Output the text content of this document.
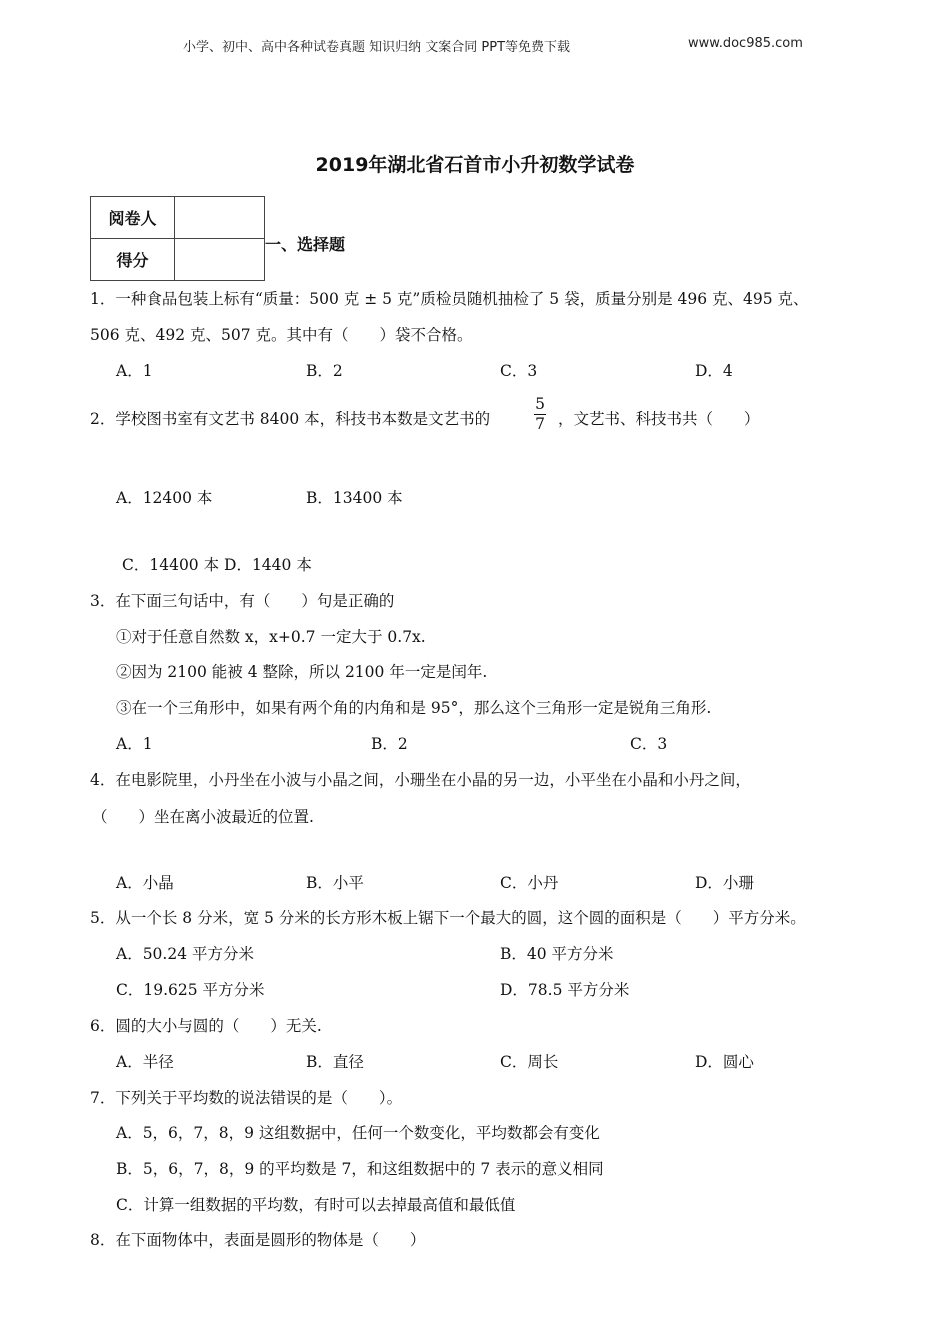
小学、初中、高中各种试卷真题 知识归纳 文案合同 PPT等免费下载	www.doc985.com
2019年湖北省石首市小升初数学试卷
阅卷人	
得分	
一、选择题
1．一种食品包装上标有“质量：500 克 ± 5 克”质检员随机抽检了 5 袋，质量分别是 496 克、495 克、
506 克、492 克、507 克。其中有（　　）袋不合格。
A．1	B．2	C．3	D．4
2．学校图书室有文艺书 8400 本，科技书本数是文艺书的
5
7 ，文艺书、科技书共（　　）
A．12400 本	B．13400 本
C．14400 本 D．1440 本
3．在下面三句话中，有（　　）句是正确的
①对于任意自然数 x，x+0.7 一定大于 0.7x.
②因为 2100 能被 4 整除，所以 2100 年一定是闰年.
③在一个三角形中，如果有两个角的内角和是 95°，那么这个三角形一定是锐角三角形.
A．1	B．2	C．3
4．在电影院里，小丹坐在小波与小晶之间，小珊坐在小晶的另一边，小平坐在小晶和小丹之间，
（　　）坐在离小波最近的位置.
A．小晶	B．小平	C．小丹	D．小珊
5．从一个长 8 分米，宽 5 分米的长方形木板上锯下一个最大的圆，这个圆的面积是（　　）平方分米。
A．50.24 平方分米	B．40 平方分米
C．19.625 平方分米	D．78.5 平方分米
6．圆的大小与圆的（　　）无关.
A．半径	B．直径	C．周长	D．圆心
7．下列关于平均数的说法错误的是（　　）。
A．5，6，7，8，9 这组数据中，任何一个数变化，平均数都会有变化
B．5，6，7，8，9 的平均数是 7，和这组数据中的 7 表示的意义相同
C．计算一组数据的平均数，有时可以去掉最高值和最低值
8．在下面物体中，表面是圆形的物体是（　　）
